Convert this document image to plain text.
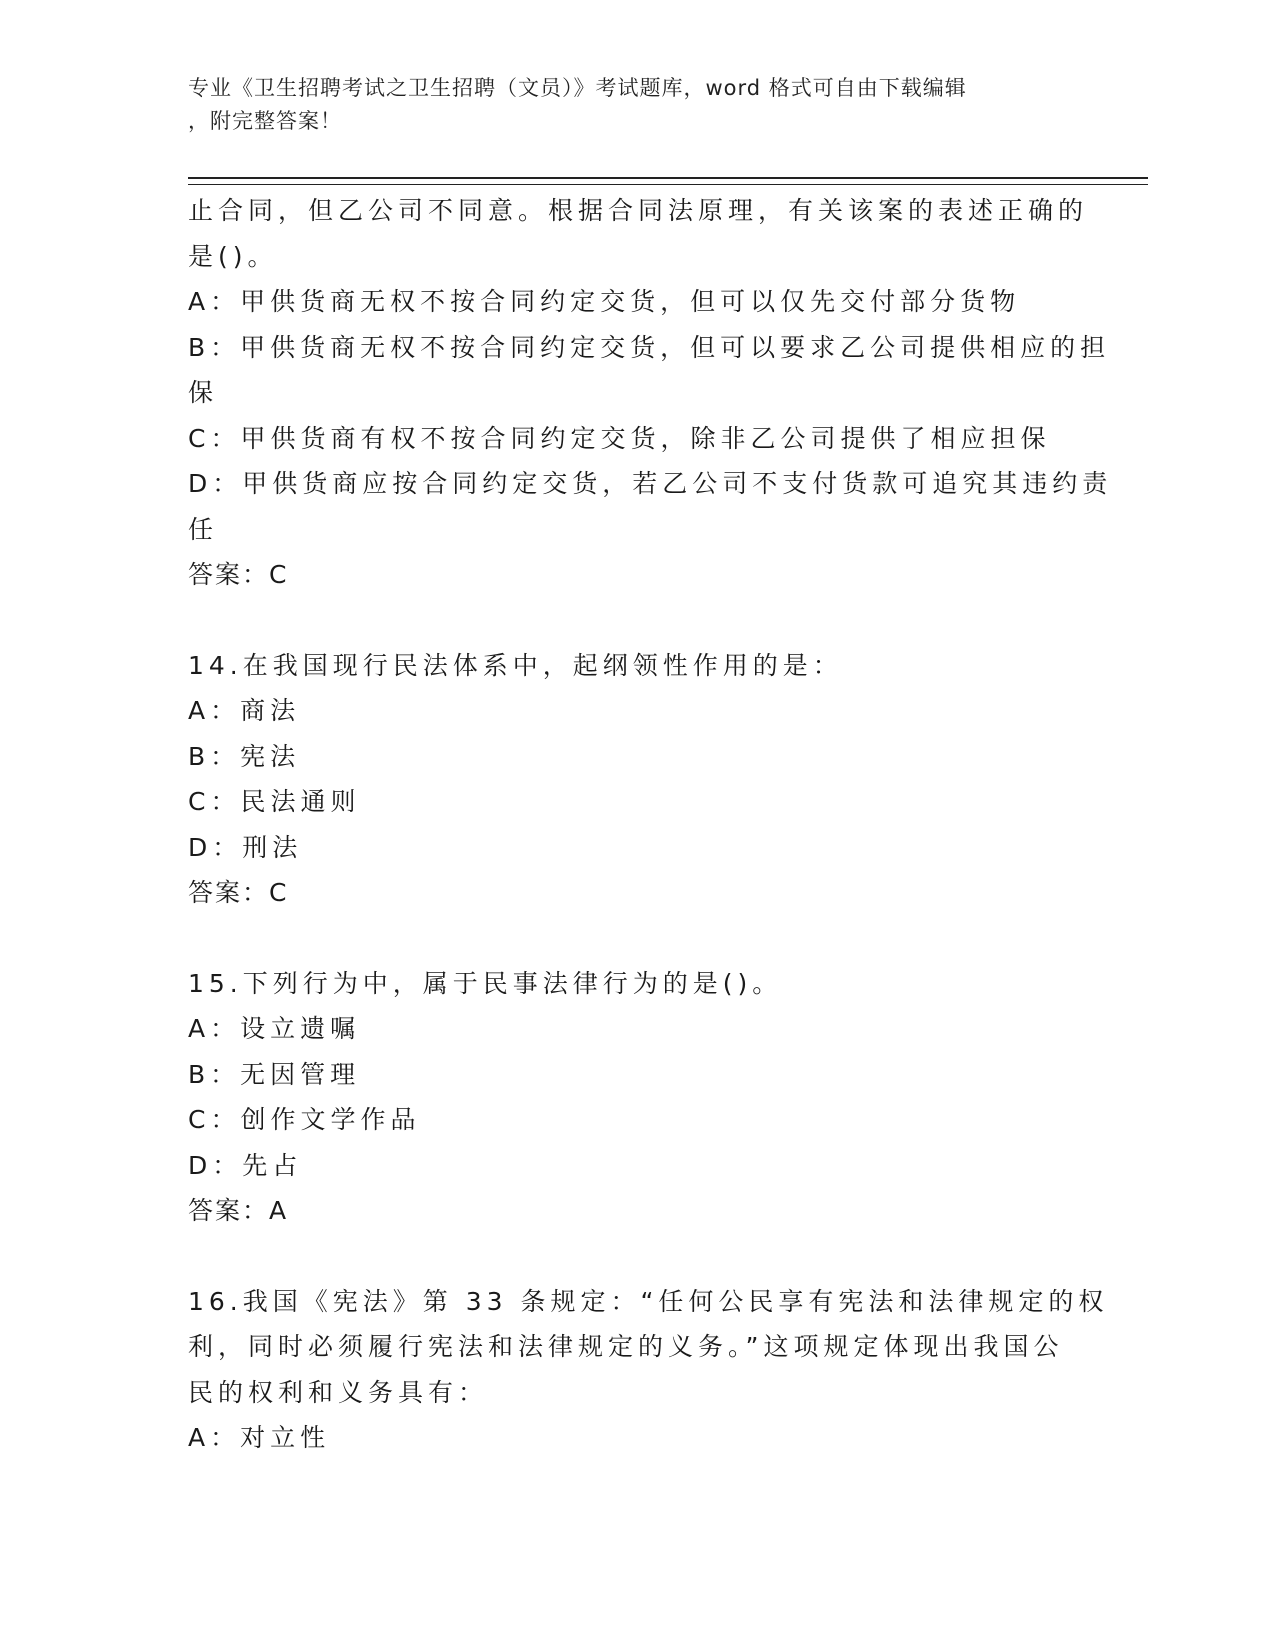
专业《卫生招聘考试之卫生招聘（文员）》考试题库，word 格式可自由下载编辑
，附完整答案！
止合同，但乙公司不同意。根据合同法原理，有关该案的表述正确的
是()。
A：甲供货商无权不按合同约定交货，但可以仅先交付部分货物
B：甲供货商无权不按合同约定交货，但可以要求乙公司提供相应的担
保
C：甲供货商有权不按合同约定交货，除非乙公司提供了相应担保
D：甲供货商应按合同约定交货，若乙公司不支付货款可追究其违约责
任
答案：C
14.在我国现行民法体系中，起纲领性作用的是：
A：商法
B：宪法
C：民法通则
D：刑法
答案：C
15.下列行为中，属于民事法律行为的是()。
A：设立遗嘱
B：无因管理
C：创作文学作品
D：先占
答案：A
16.我国《宪法》第 33 条规定：“任何公民享有宪法和法律规定的权
利，同时必须履行宪法和法律规定的义务。”这项规定体现出我国公
民的权利和义务具有：
A：对立性
